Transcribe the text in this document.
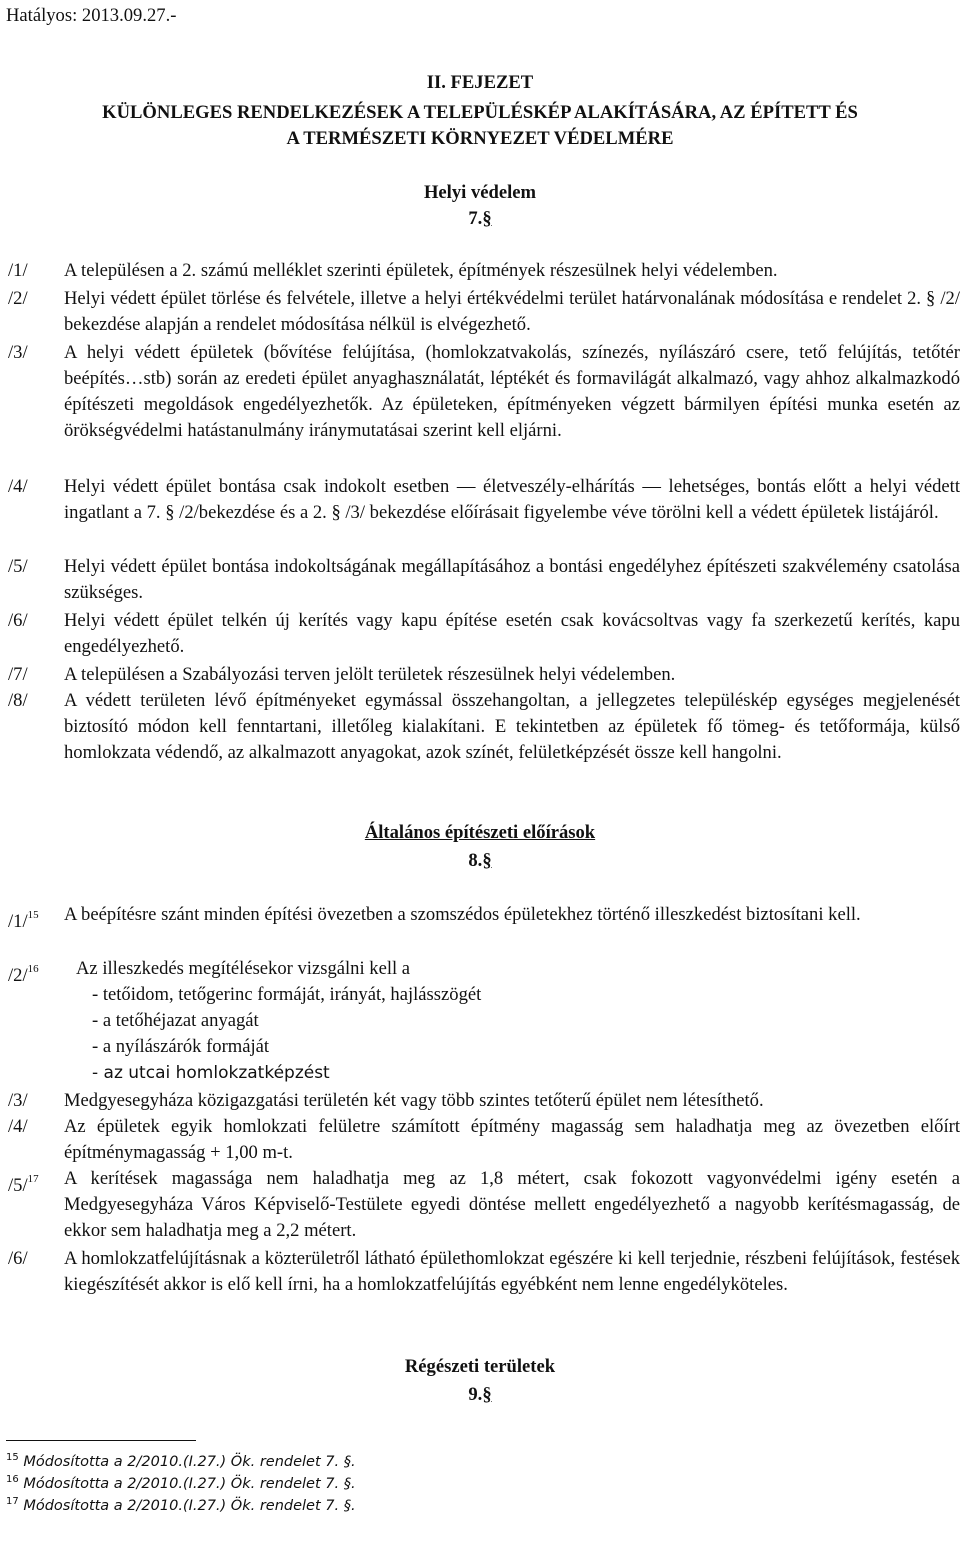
Hatályos: 2013.09.27.-
II. FEJEZET
KÜLÖNLEGES RENDELKEZÉSEK A TELEPÜLÉSKÉP ALAKÍTÁSÁRA, AZ ÉPÍTETT ÉS
A TERMÉSZETI KÖRNYEZET VÉDELMÉRE
Helyi védelem
7.§
/1/ A településen a 2. számú melléklet szerinti épületek, építmények részesülnek helyi védelemben.

/2/ Helyi védett épület törlése és felvétele, illetve a helyi értékvédelmi terület határvonalának módosítása e rendelet 2. § /2/ bekezdése alapján a rendelet módosítása nélkül is elvégezhető.

/3/ A helyi védett épületek (bővítése felújítása, (homlokzatvakolás, színezés, nyílászáró csere, tető felújítás, tetőtér beépítés…stb) során az eredeti épület anyaghasználatát, léptékét és formavilágát alkalmazó, vagy ahhoz alkalmazkodó építészeti megoldások engedélyezhetők. Az épületeken, építményeken végzett bármilyen építési munka esetén az örökségvédelmi hatástanulmány iránymutatásai szerint kell eljárni.

/4/ Helyi védett épület bontása csak indokolt esetben — életveszély-elhárítás — lehetséges, bontás előtt a helyi védett ingatlant a 7. § /2/bekezdése és a 2. § /3/ bekezdése előírásait figyelembe véve törölni kell a védett épületek listájáról.

/5/ Helyi védett épület bontása indokoltságának megállapításához a bontási engedélyhez építészeti szakvélemény csatolása szükséges.

/6/ Helyi védett épület telkén új kerítés vagy kapu építése esetén csak kovácsoltvas vagy fa szerkezetű kerítés, kapu engedélyezhető.

/7/ A településen a Szabályozási terven jelölt területek részesülnek helyi védelemben.

/8/ A védett területen lévő építményeket egymással összehangoltan, a jellegzetes településkép egységes megjelenését biztosító módon kell fenntartani, illetőleg kialakítani. E tekintetben az épületek fő tömeg- és tetőformája, külső homlokzata védendő, az alkalmazott anyagokat, azok színét, felületképzését össze kell hangolni.

Általános építészeti előírások
8.§
/1/$^{15}$ A beépítésre szánt minden építési övezetben a szomszédos épületekhez történő illeszkedést biztosítani kell.

/2/$^{16}$ Az illeszkedés megítélésekor vizsgálni kell a

- tetőidom, tetőgerinc formáját, irányát, hajlásszögét

- a tetőhéjazat anyagát

- a nyílászárók formáját

- az utcai homlokzatképzést

/3/ Medgyesegyháza közigazgatási területén két vagy több szintes tetőterű épület nem létesíthető.

/4/ Az épületek egyik homlokzati felületre számított építmény magasság sem haladhatja meg az övezetben előírt építménymagasság + 1,00 m-t.

/5/$^{17}$ A kerítések magassága nem haladhatja meg az 1,8 métert, csak fokozott vagyonvédelmi igény esetén a Medgyesegyháza Város Képviselő-Testülete egyedi döntése mellett engedélyezhető a nagyobb kerítésmagasság, de ekkor sem haladhatja meg a 2,2 métert.

/6/ A homlokzatfelújításnak a közterületről látható épülethomlokzat egészére ki kell terjednie, részbeni felújítások, festések kiegészítését akkor is elő kell írni, ha a homlokzatfelújítás egyébként nem lenne engedélyköteles.

Régészeti területek
9.§
$^{15}$ Módosította a 2/2010.(I.27.) Ök. rendelet 7. §.
$^{16}$ Módosította a 2/2010.(I.27.) Ök. rendelet 7. §.
$^{17}$ Módosította a 2/2010.(I.27.) Ök. rendelet 7. §.
